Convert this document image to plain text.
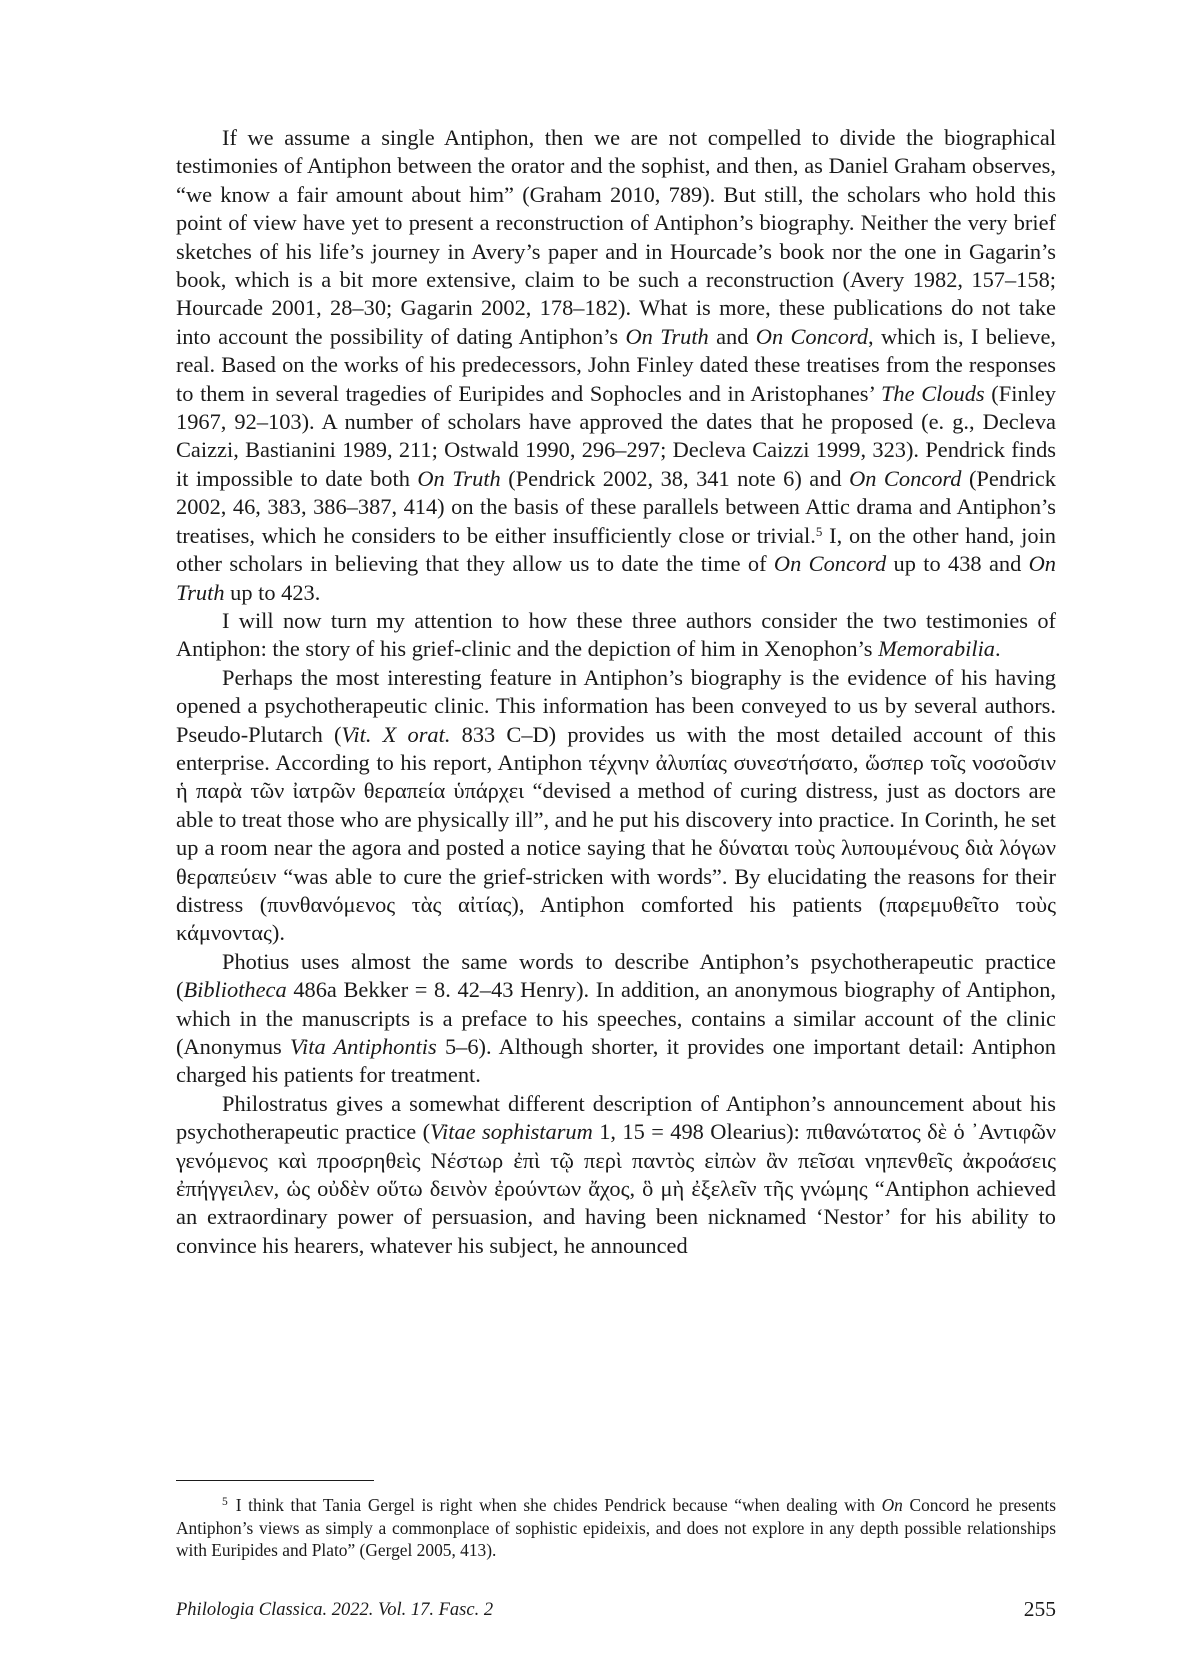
If we assume a single Antiphon, then we are not compelled to divide the biographical testimonies of Antiphon between the orator and the sophist, and then, as Daniel Graham observes, “we know a fair amount about him” (Graham 2010, 789). But still, the scholars who hold this point of view have yet to present a reconstruction of Antiphon’s biography. Neither the very brief sketches of his life’s journey in Avery’s paper and in Hourcade’s book nor the one in Gagarin’s book, which is a bit more extensive, claim to be such a reconstruction (Avery 1982, 157–158; Hourcade 2001, 28–30; Gagarin 2002, 178–182). What is more, these publications do not take into account the possibility of dating Antiphon’s On Truth and On Concord, which is, I believe, real. Based on the works of his predecessors, John Finley dated these treatises from the responses to them in several tragedies of Euripides and Sophocles and in Aristophanes’ The Clouds (Finley 1967, 92–103). A number of scholars have approved the dates that he proposed (e. g., Decleva Caizzi, Bastianini 1989, 211; Ostwald 1990, 296–297; Decleva Caizzi 1999, 323). Pendrick finds it impossible to date both On Truth (Pendrick 2002, 38, 341 note 6) and On Concord (Pendrick 2002, 46, 383, 386–387, 414) on the basis of these parallels between Attic drama and Antiphon’s treatises, which he considers to be either insufficiently close or trivial.$^5$ I, on the other hand, join other scholars in believing that they allow us to date the time of On Concord up to 438 and On Truth up to 423.

I will now turn my attention to how these three authors consider the two testimonies of Antiphon: the story of his grief-clinic and the depiction of him in Xenophon’s Memorabilia.

Perhaps the most interesting feature in Antiphon’s biography is the evidence of his having opened a psychotherapeutic clinic. This information has been conveyed to us by several authors. Pseudo-Plutarch (Vit. X orat. 833 C–D) provides us with the most detailed account of this enterprise. According to his report, Antiphon τέχνην ἀλυπίας συνεστήσατο, ὥσπερ τοῖς νοσοῦσιν ἡ παρὰ τῶν ἰατρῶν θεραπεία ὑπάρχει “devised a method of curing distress, just as doctors are able to treat those who are physically ill”, and he put his discovery into practice. In Corinth, he set up a room near the agora and posted a notice saying that he δύναται τοὺς λυπουμένους διὰ λόγων θεραπεύειν “was able to cure the grief-stricken with words”. By elucidating the reasons for their distress (πυνθανόμενος τὰς αἰτίας), Antiphon comforted his patients (παρεμυθεῖτο τοὺς κάμνοντας).

Photius uses almost the same words to describe Antiphon’s psychotherapeutic practice (Bibliotheca 486a Bekker = 8. 42–43 Henry). In addition, an anonymous biography of Antiphon, which in the manuscripts is a preface to his speeches, contains a similar account of the clinic (Anonymus Vita Antiphontis 5–6). Although shorter, it provides one important detail: Antiphon charged his patients for treatment.

Philostratus gives a somewhat different description of Antiphon’s announcement about his psychotherapeutic practice (Vitae sophistarum 1, 15 = 498 Olearius): πιθανώτατος δὲ ὁ ᾿Αντιφῶν γενόμενος καὶ προσρηθεὶς Νέστωρ ἐπὶ τῷ περὶ παντὸς εἰπὼν ἂν πεῖσαι νηπενθεῖς ἀκροάσεις ἐπήγγειλεν, ὡς οὐδὲν οὕτω δεινὸν ἐρούντων ἄχος, ὃ μὴ ἐξελεῖν τῆς γνώμης “Antiphon achieved an extraordinary power of persuasion, and having been nicknamed ‘Nestor’ for his ability to convince his hearers, whatever his subject, he announced

$^5$ I think that Tania Gergel is right when she chides Pendrick because “when dealing with On Concord he presents Antiphon’s views as simply a commonplace of sophistic epideixis, and does not explore in any depth possible relationships with Euripides and Plato” (Gergel 2005, 413).

Philologia Classica. 2022. Vol. 17. Fasc. 2	255
